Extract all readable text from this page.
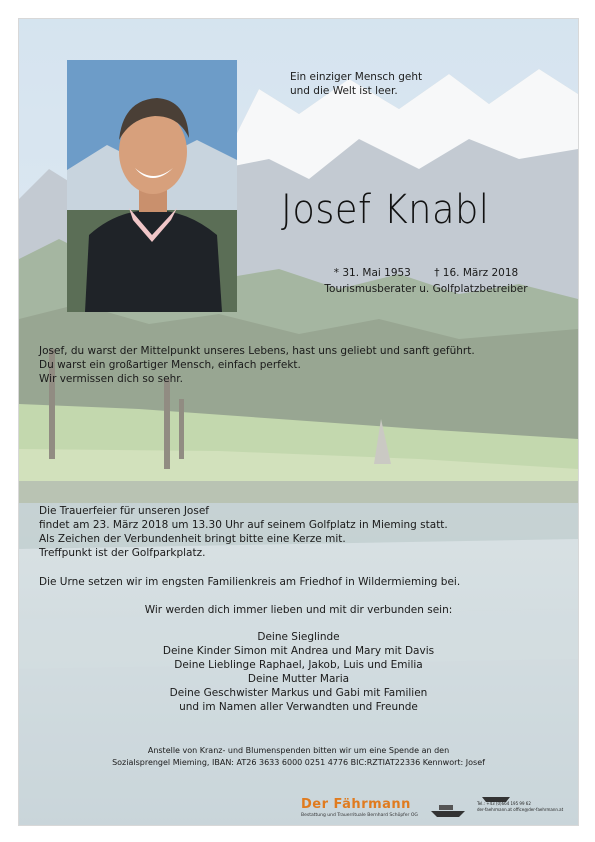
Ein einziger Mensch geht
und die Welt ist leer.
Josef Knabl
* 31. Mai 1953 † 16. März 2018
Tourismusberater u. Golfplatzbetreiber
Josef, du warst der Mittelpunkt unseres Lebens, hast uns geliebt und sanft geführt.
Du warst ein großartiger Mensch, einfach perfekt.
Wir vermissen dich so sehr.
Die Trauerfeier für unseren Josef
findet am 23. März 2018 um 13.30 Uhr auf seinem Golfplatz in Mieming statt.
Als Zeichen der Verbundenheit bringt bitte eine Kerze mit.
Treffpunkt ist der Golfparkplatz.
Die Urne setzen wir im engsten Familienkreis am Friedhof in Wildermieming bei.
Wir werden dich immer lieben und mit dir verbunden sein:
Deine Sieglinde
Deine Kinder Simon mit Andrea und Mary mit Davis
Deine Lieblinge Raphael, Jakob, Luis und Emilia
Deine Mutter Maria
Deine Geschwister Markus und Gabi mit Familien
und im Namen aller Verwandten und Freunde
Anstelle von Kranz- und Blumenspenden bitten wir um eine Spende an den
Sozialsprengel Mieming, IBAN: AT26 3633 6000 0251 4776 BIC:RZTIAT22336 Kennwort: Josef
Der Fährmann
Bestattung und Trauerrituale Bernhard Schöpfer OG
Tel.: +43 (0)664 195 99 62
der-faehrmann.at office@der-faehrmann.at
